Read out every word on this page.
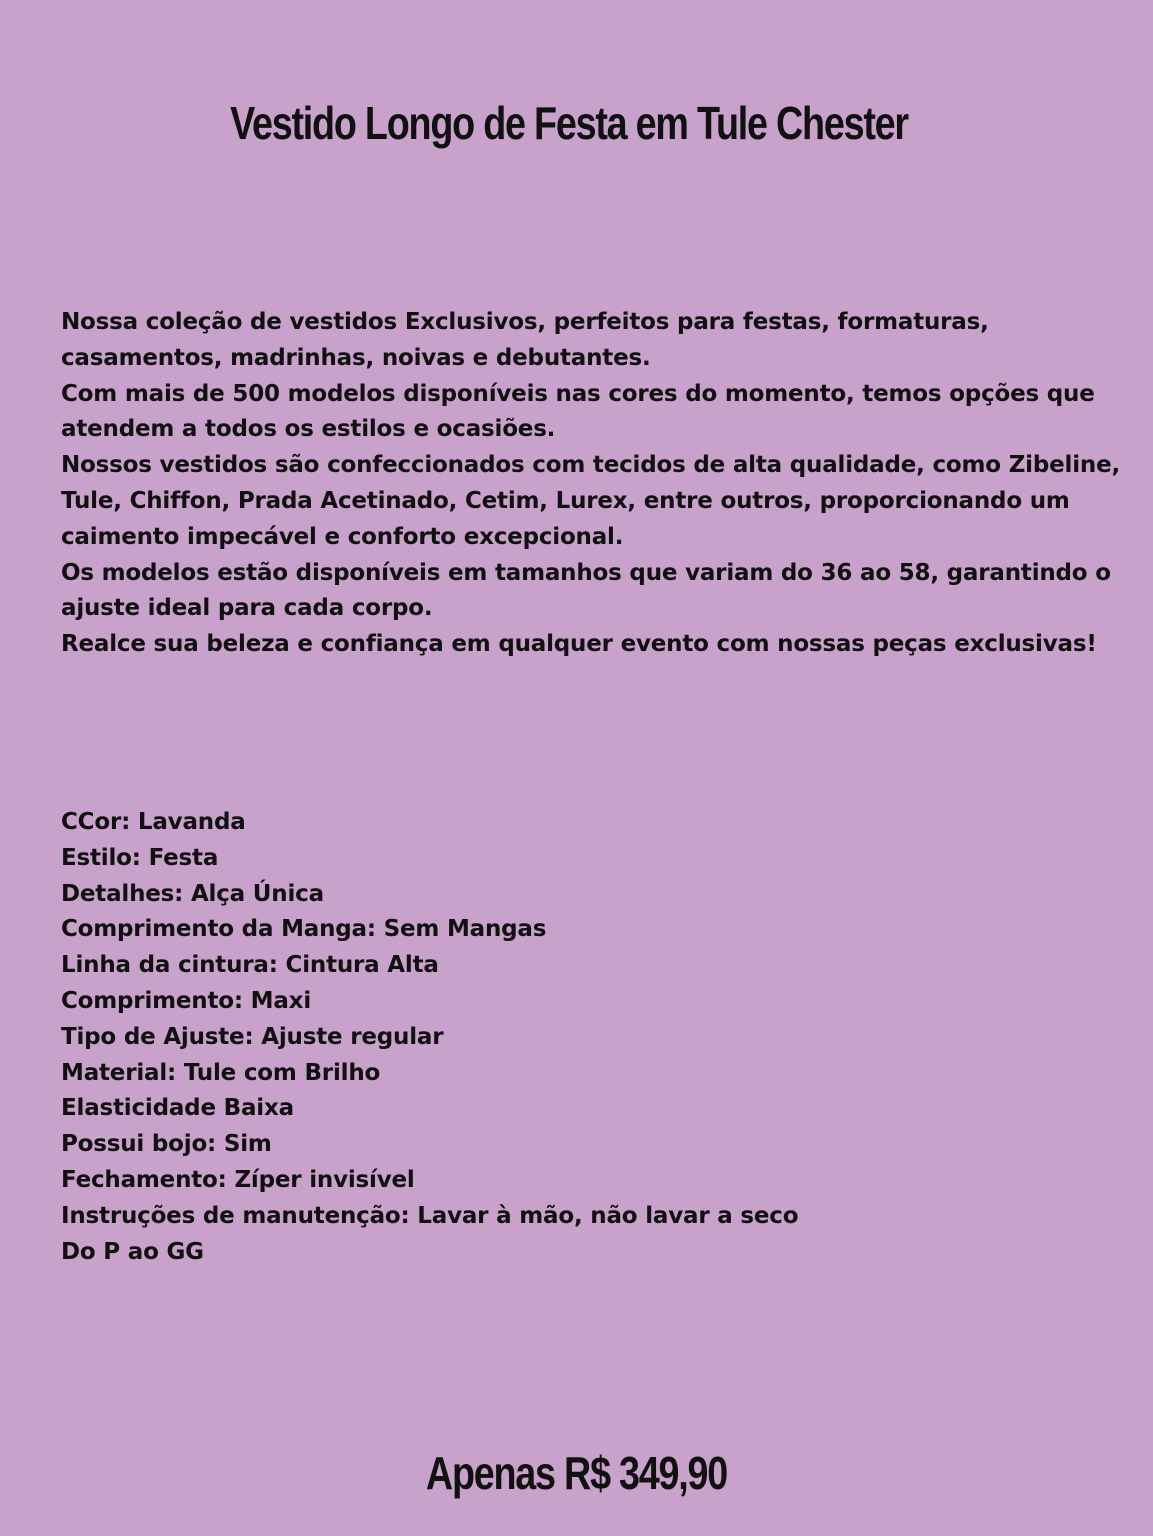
Vestido Longo de Festa em Tule Chester

Nossa coleção de vestidos Exclusivos, perfeitos para festas, formaturas, casamentos, madrinhas, noivas e debutantes.

Com mais de 500 modelos disponíveis nas cores do momento, temos opções que atendem a todos os estilos e ocasiões.

Nossos vestidos são confeccionados com tecidos de alta qualidade, como Zibeline, Tule, Chiffon, Prada Acetinado, Cetim, Lurex, entre outros, proporcionando um caimento impecável e conforto excepcional.

Os modelos estão disponíveis em tamanhos que variam do 36 ao 58, garantindo o ajuste ideal para cada corpo.

Realce sua beleza e confiança em qualquer evento com nossas peças exclusivas!

CCor: Lavanda
Estilo: Festa
Detalhes: Alça Única
Comprimento da Manga: Sem Mangas
Linha da cintura: Cintura Alta
Comprimento: Maxi
Tipo de Ajuste: Ajuste regular
Material: Tule com Brilho
Elasticidade Baixa
Possui bojo: Sim
Fechamento: Zíper invisível
Instruções de manutenção: Lavar à mão, não lavar a seco
Do P ao GG
Apenas R$ 349,90
